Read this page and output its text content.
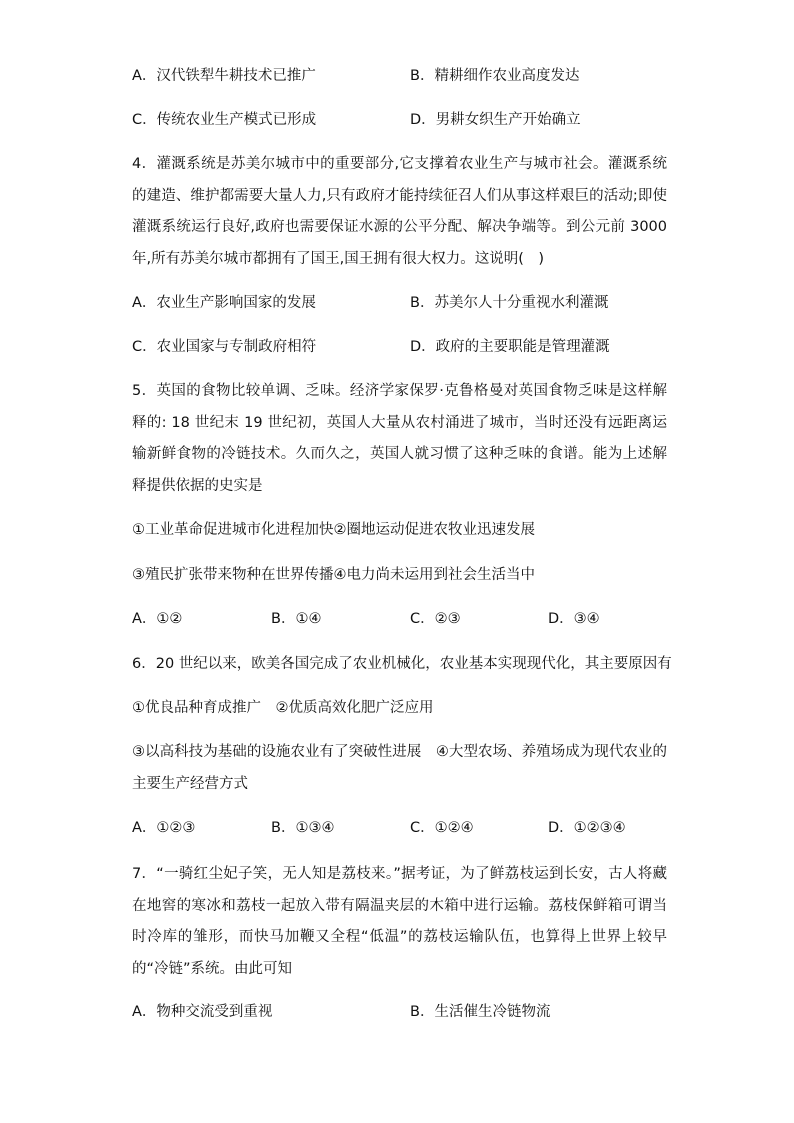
A．汉代铁犁牛耕技术已推广	B．精耕细作农业高度发达
C．传统农业生产模式已形成	D．男耕女织生产开始确立
4．灌溉系统是苏美尔城市中的重要部分,它支撑着农业生产与城市社会。灌溉系统的建造、维护都需要大量人力,只有政府才能持续征召人们从事这样艰巨的活动;即使灌溉系统运行良好,政府也需要保证水源的公平分配、解决争端等。到公元前 3000 年,所有苏美尔城市都拥有了国王,国王拥有很大权力。这说明(　)
A．农业生产影响国家的发展	B．苏美尔人十分重视水利灌溉
C．农业国家与专制政府相符	D．政府的主要职能是管理灌溉
5．英国的食物比较单调、乏味。经济学家保罗·克鲁格曼对英国食物乏味是这样解释的: 18 世纪末 19 世纪初，英国人大量从农村涌进了城市，当时还没有远距离运输新鲜食物的冷链技术。久而久之，英国人就习惯了这种乏味的食谱。能为上述解释提供依据的史实是
①工业革命促进城市化进程加快②圈地运动促进农牧业迅速发展
③殖民扩张带来物种在世界传播④电力尚未运用到社会生活当中
A．①②	B．①④	C．②③	D．③④
6．20 世纪以来，欧美各国完成了农业机械化，农业基本实现现代化，其主要原因有
①优良品种育成推广　②优质高效化肥广泛应用
③以高科技为基础的设施农业有了突破性进展　④大型农场、养殖场成为现代农业的主要生产经营方式
A．①②③	B．①③④	C．①②④	D．①②③④
7．“一骑红尘妃子笑，无人知是荔枝来。”据考证，为了鲜荔枝运到长安，古人将藏在地窖的寒冰和荔枝一起放入带有隔温夹层的木箱中进行运输。荔枝保鲜箱可谓当时冷库的雏形，而快马加鞭又全程“低温”的荔枝运输队伍，也算得上世界上较早的“冷链”系统。由此可知
A．物种交流受到重视	B．生活催生冷链物流
